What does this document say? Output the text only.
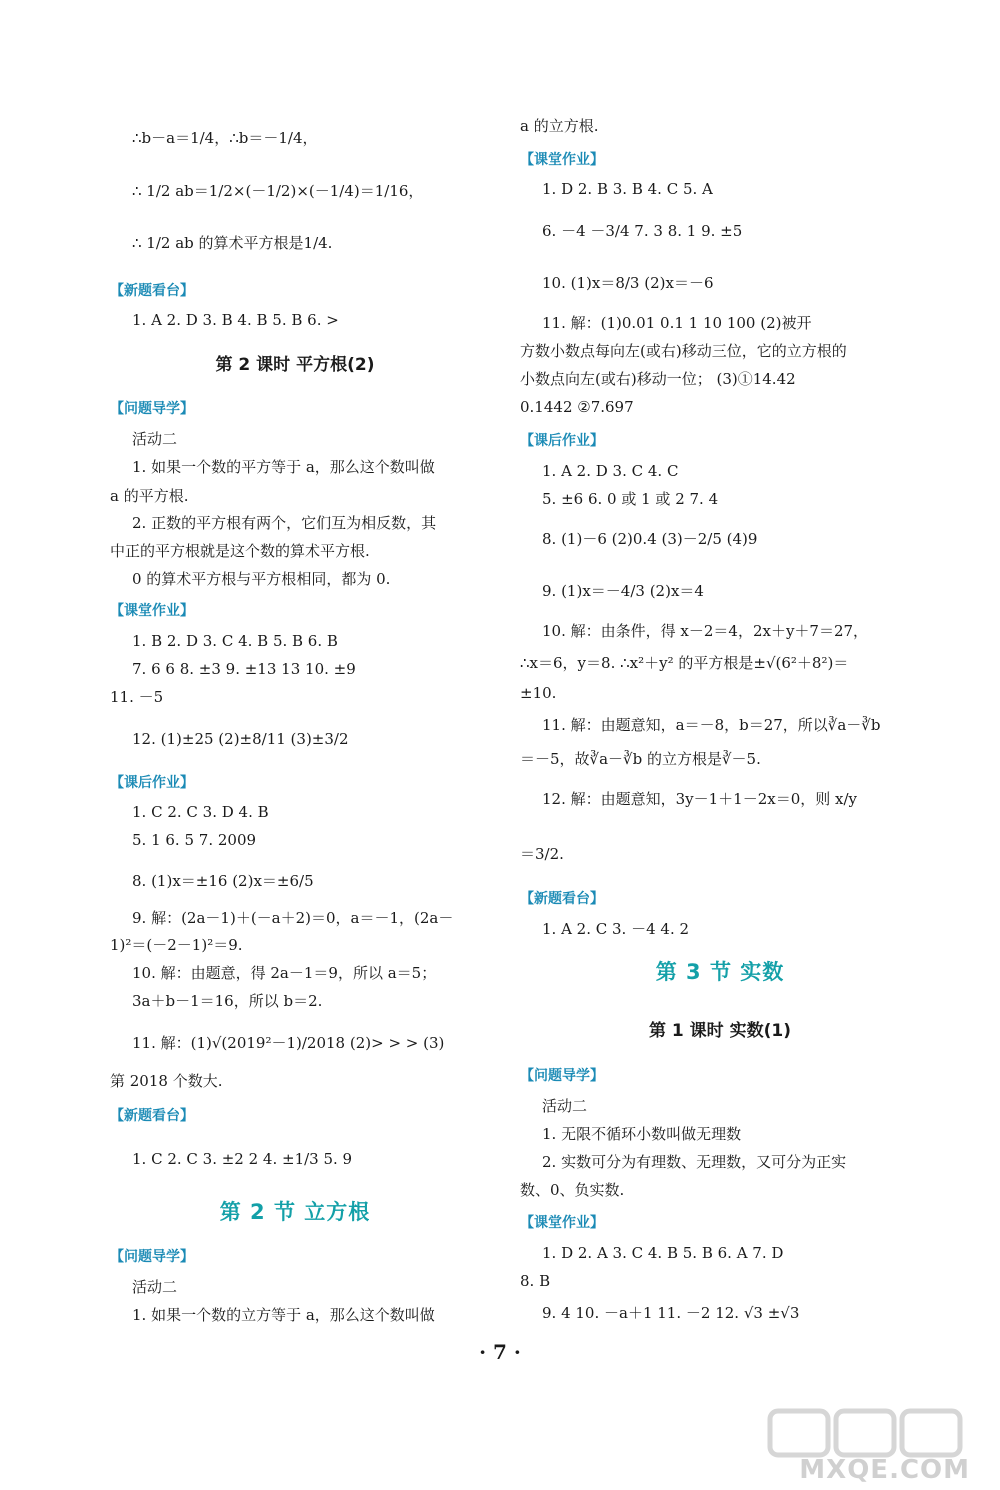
∴b－a＝1/4，∴b＝－1/4，
∴ 1/2 ab＝1/2×(－1/2)×(－1/4)＝1/16，
∴ 1/2 ab 的算术平方根是1/4.
【新题看台】
1. A 2. D 3. B 4. B 5. B 6. >
第 2 课时 平方根(2)
【问题导学】
活动二
1. 如果一个数的平方等于 a，那么这个数叫做
a 的平方根.
2. 正数的平方根有两个，它们互为相反数，其
中正的平方根就是这个数的算术平方根.
0 的算术平方根与平方根相同，都为 0.
【课堂作业】
1. B 2. D 3. C 4. B 5. B 6. B
7. 6 6 8. ±3 9. ±13 13 10. ±9
11. －5
12. (1)±25 (2)±8/11 (3)±3/2
【课后作业】
1. C 2. C 3. D 4. B
5. 1 6. 5 7. 2009
8. (1)x＝±16 (2)x＝±6/5
9. 解：(2a－1)＋(－a＋2)＝0，a＝－1，(2a－
1)²＝(－2－1)²＝9.
10. 解：由题意，得 2a－1＝9，所以 a＝5；
3a＋b－1＝16，所以 b＝2.
11. 解：(1)√(2019²－1)/2018 (2)> > > (3)
第 2018 个数大.
【新题看台】
1. C 2. C 3. ±2 2 4. ±1/3 5. 9
第 2 节 立方根
【问题导学】
活动二
1. 如果一个数的立方等于 a，那么这个数叫做
a 的立方根.
【课堂作业】
1. D 2. B 3. B 4. C 5. A
6. －4 －3/4 7. 3 8. 1 9. ±5
10. (1)x＝8/3 (2)x＝－6
11. 解：(1)0.01 0.1 1 10 100 (2)被开
方数小数点每向左(或右)移动三位，它的立方根的
小数点向左(或右)移动一位； (3)①14.42
0.1442 ②7.697
【课后作业】
1. A 2. D 3. C 4. C
5. ±6 6. 0 或 1 或 2 7. 4
8. (1)－6 (2)0.4 (3)－2/5 (4)9
9. (1)x＝－4/3 (2)x＝4
10. 解：由条件，得 x－2＝4，2x＋y＋7＝27，
∴x＝6，y＝8. ∴x²＋y² 的平方根是±√(6²＋8²)＝
±10.
11. 解：由题意知，a＝－8，b＝27，所以∛a－∛b
＝－5，故∛a－∛b 的立方根是∛－5.
12. 解：由题意知，3y－1＋1－2x＝0，则 x/y
＝3/2.
【新题看台】
1. A 2. C 3. －4 4. 2
第 3 节 实数
第 1 课时 实数(1)
【问题导学】
活动二
1. 无限不循环小数叫做无理数
2. 实数可分为有理数、无理数，又可分为正实
数、0、负实数.
【课堂作业】
1. D 2. A 3. C 4. B 5. B 6. A 7. D
8. B
9. 4 10. －a＋1 11. －2 12. √3 ±√3
· 7 ·
MXQE.COM
